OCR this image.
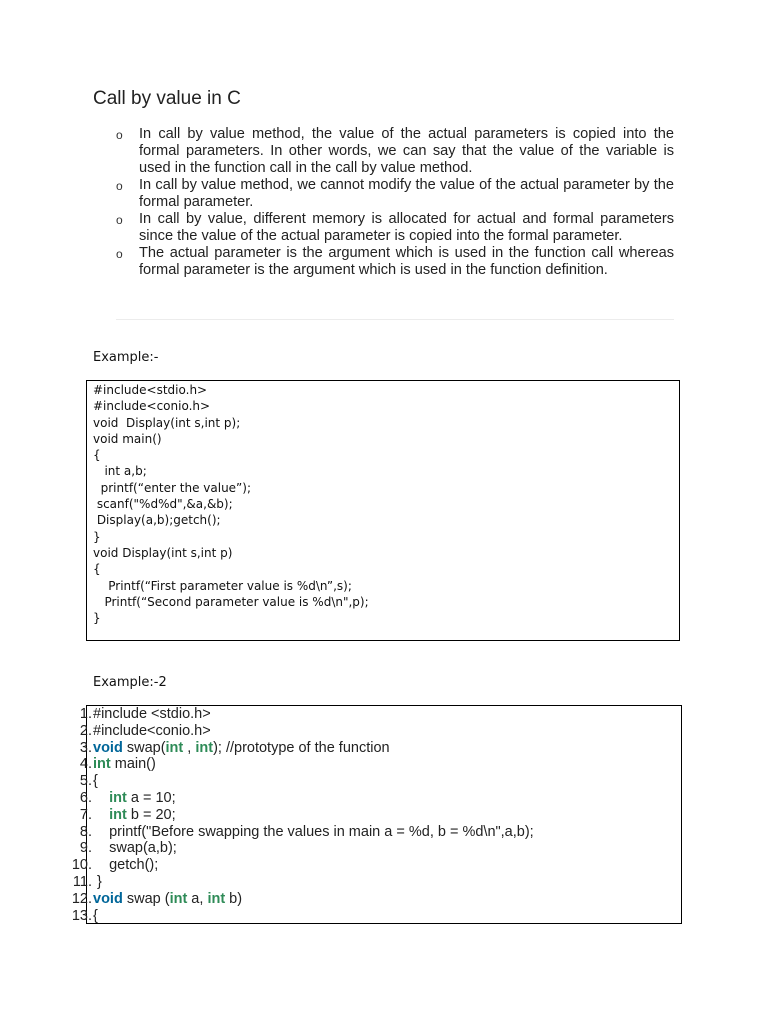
Call by value in C
o In call by value method, the value of the actual parameters is copied into the formal parameters. In other words, we can say that the value of the variable is used in the function call in the call by value method.
o In call by value method, we cannot modify the value of the actual parameter by the formal parameter.
o In call by value, different memory is allocated for actual and formal parameters since the value of the actual parameter is copied into the formal parameter.
o The actual parameter is the argument which is used in the function call whereas formal parameter is the argument which is used in the function definition.
Example:-
#include<stdio.h>
#include<conio.h>
void  Display(int s,int p);
void main()
{
int a,b;
printf(“enter the value”);
scanf("%d%d",&a,&b);
Display(a,b);getch();
}
void Display(int s,int p)
{
Printf(“First parameter value is %d\n”,s);
Printf(“Second parameter value is %d\n",p);
}
Example:-2
1. #include <stdio.h>
2. #include<conio.h>
3. void swap(int , int); //prototype of the function
4. int main()
5. {
6.	int a = 10;
7.	int b = 20;
8. printf("Before swapping the values in main a = %d, b = %d\n",a,b);
9. swap(a,b);
10. getch();
11. }
12. void swap (int a, int b)
13. {
